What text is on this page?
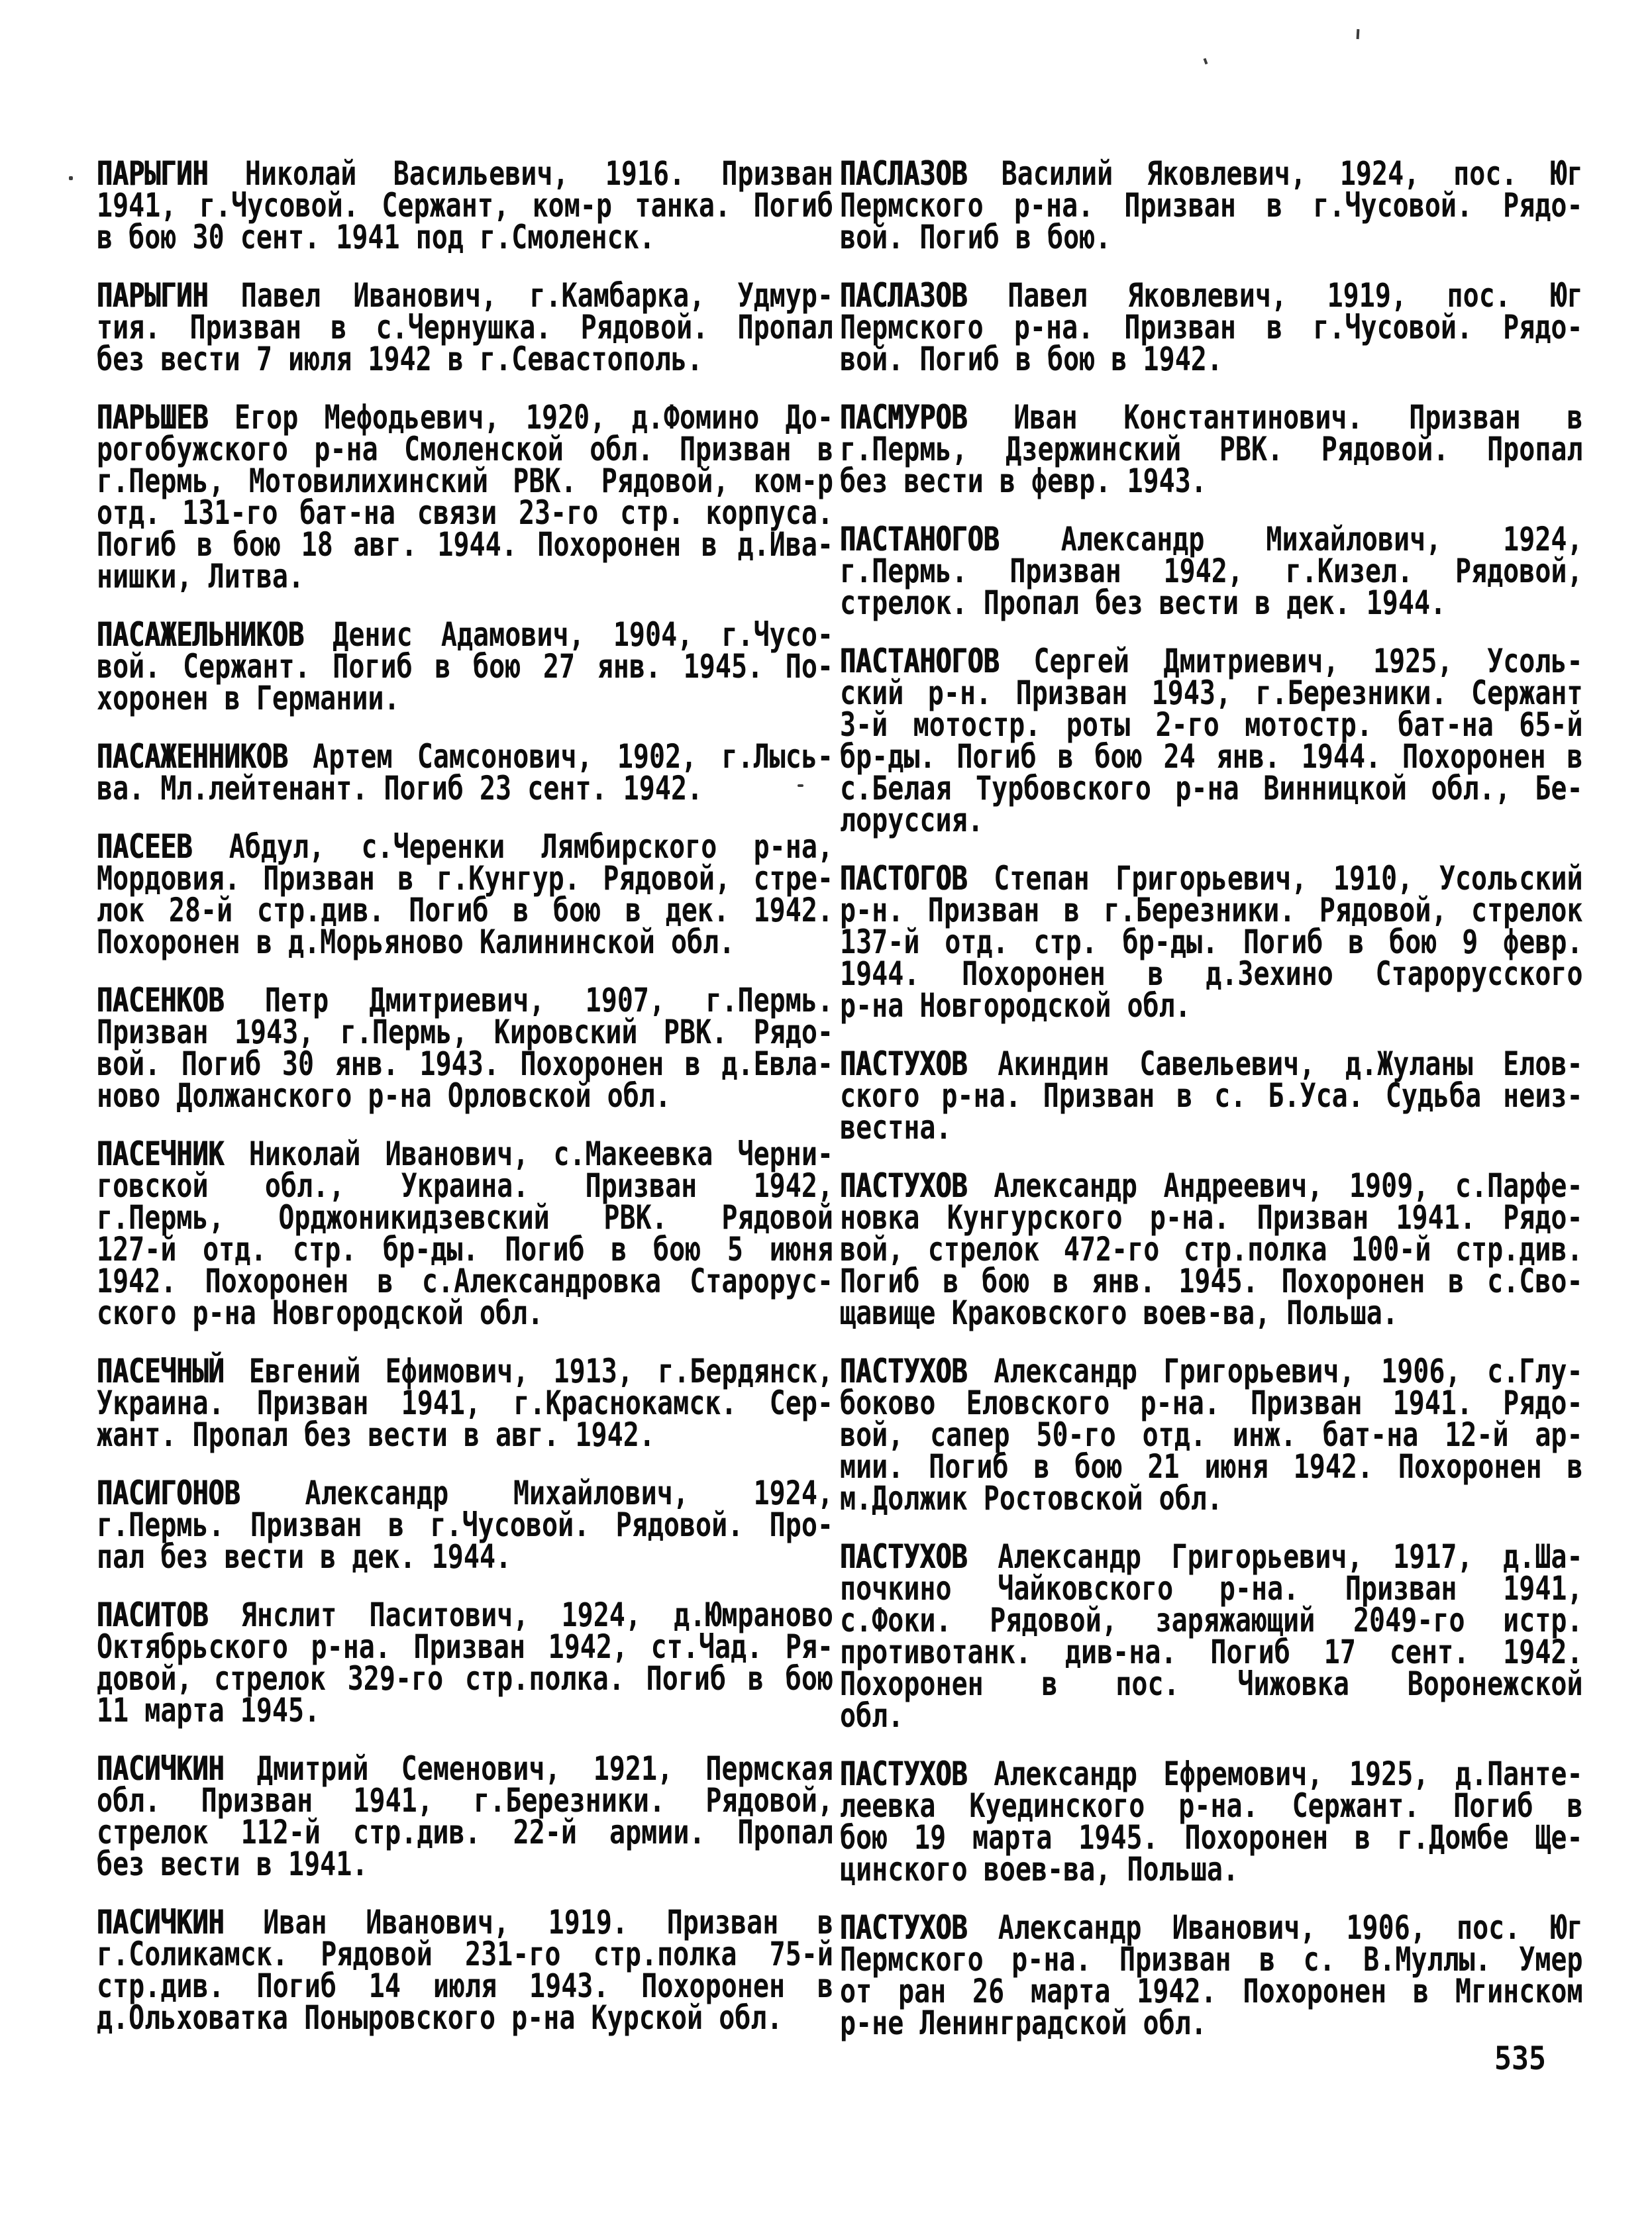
ПАРЫГИН Николай Васильевич, 1916. Призван
1941, г.Чусовой. Сержант, ком-р танка. Погиб
в бою 30 сент. 1941 под г.Смоленск.
ПАРЫГИН Павел Иванович, г.Камбарка, Удмур-
тия. Призван в с.Чернушка. Рядовой. Пропал
без вести 7 июля 1942 в г.Севастополь.
ПАРЬШЕВ Егор Мефодьевич, 1920, д.Фомино До-
рогобужского р-на Смоленской обл. Призван в
г.Пермь, Мотовилихинский РВК. Рядовой, ком-р
отд. 131-го бат-на связи 23-го стр. корпуса.
Погиб в бою 18 авг. 1944. Похоронен в д.Ива-
нишки, Литва.
ПАСАЖЕЛЬНИКОВ Денис Адамович, 1904, г.Чусо-
вой. Сержант. Погиб в бою 27 янв. 1945. По-
хоронен в Германии.
ПАСАЖЕННИКОВ Артем Самсонович, 1902, г.Лысь-
ва. Мл.лейтенант. Погиб 23 сент. 1942.
ПАСЕЕВ Абдул, с.Черенки Лямбирского р-на,
Мордовия. Призван в г.Кунгур. Рядовой, стре-
лок 28-й стр.див. Погиб в бою в дек. 1942.
Похоронен в д.Морьяново Калининской обл.
ПАСЕНКОВ Петр Дмитриевич, 1907, г.Пермь.
Призван 1943, г.Пермь, Кировский РВК. Рядо-
вой. Погиб 30 янв. 1943. Похоронен в д.Евла-
ново Должанского р-на Орловской обл.
ПАСЕЧНИК Николай Иванович, с.Макеевка Черни-
говской обл., Украина. Призван 1942,
г.Пермь, Орджоникидзевский РВК. Рядовой
127-й отд. стр. бр-ды. Погиб в бою 5 июня
1942. Похоронен в с.Александровка Старорус-
ского р-на Новгородской обл.
ПАСЕЧНЫЙ Евгений Ефимович, 1913, г.Бердянск,
Украина. Призван 1941, г.Краснокамск. Сер-
жант. Пропал без вести в авг. 1942.
ПАСИГОНОВ Александр Михайлович, 1924,
г.Пермь. Призван в г.Чусовой. Рядовой. Про-
пал без вести в дек. 1944.
ПАСИТОВ Янслит Паситович, 1924, д.Юмраново
Октябрьского р-на. Призван 1942, ст.Чад. Ря-
довой, стрелок 329-го стр.полка. Погиб в бою
11 марта 1945.
ПАСИЧКИН Дмитрий Семенович, 1921, Пермская
обл. Призван 1941, г.Березники. Рядовой,
стрелок 112-й стр.див. 22-й армии. Пропал
без вести в 1941.
ПАСИЧКИН Иван Иванович, 1919. Призван в
г.Соликамск. Рядовой 231-го стр.полка 75-й
стр.див. Погиб 14 июля 1943. Похоронен в
д.Ольховатка Поныровского р-на Курской обл.
ПАСЛАЗОВ Василий Яковлевич, 1924, пос. Юг
Пермского р-на. Призван в г.Чусовой. Рядо-
вой. Погиб в бою.
ПАСЛАЗОВ Павел Яковлевич, 1919, пос. Юг
Пермского р-на. Призван в г.Чусовой. Рядо-
вой. Погиб в бою в 1942.
ПАСМУРОВ Иван Константинович. Призван в
г.Пермь, Дзержинский РВК. Рядовой. Пропал
без вести в февр. 1943.
ПАСТАНОГОВ Александр Михайлович, 1924,
г.Пермь. Призван 1942, г.Кизел. Рядовой,
стрелок. Пропал без вести в дек. 1944.
ПАСТАНОГОВ Сергей Дмитриевич, 1925, Усоль-
ский р-н. Призван 1943, г.Березники. Сержант
3-й мотостр. роты 2-го мотостр. бат-на 65-й
бр-ды. Погиб в бою 24 янв. 1944. Похоронен в
с.Белая Турбовского р-на Винницкой обл., Бе-
лоруссия.
ПАСТОГОВ Степан Григорьевич, 1910, Усольский
р-н. Призван в г.Березники. Рядовой, стрелок
137-й отд. стр. бр-ды. Погиб в бою 9 февр.
1944. Похоронен в д.Зехино Старорусского
р-на Новгородской обл.
ПАСТУХОВ Акиндин Савельевич, д.Жуланы Елов-
ского р-на. Призван в с. Б.Уса. Судьба неиз-
вестна.
ПАСТУХОВ Александр Андреевич, 1909, с.Парфе-
новка Кунгурского р-на. Призван 1941. Рядо-
вой, стрелок 472-го стр.полка 100-й стр.див.
Погиб в бою в янв. 1945. Похоронен в с.Сво-
щавище Краковского воев-ва, Польша.
ПАСТУХОВ Александр Григорьевич, 1906, с.Глу-
боково Еловского р-на. Призван 1941. Рядо-
вой, сапер 50-го отд. инж. бат-на 12-й ар-
мии. Погиб в бою 21 июня 1942. Похоронен в
м.Должик Ростовской обл.
ПАСТУХОВ Александр Григорьевич, 1917, д.Ша-
почкино Чайковского р-на. Призван 1941,
с.Фоки. Рядовой, заряжающий 2049-го истр.
противотанк. див-на. Погиб 17 сент. 1942.
Похоронен в пос. Чижовка Воронежской
обл.
ПАСТУХОВ Александр Ефремович, 1925, д.Панте-
леевка Куединского р-на. Сержант. Погиб в
бою 19 марта 1945. Похоронен в г.Домбе Ще-
цинского воев-ва, Польша.
ПАСТУХОВ Александр Иванович, 1906, пос. Юг
Пермского р-на. Призван в с. В.Муллы. Умер
от ран 26 марта 1942. Похоронен в Мгинском
р-не Ленинградской обл.
535
